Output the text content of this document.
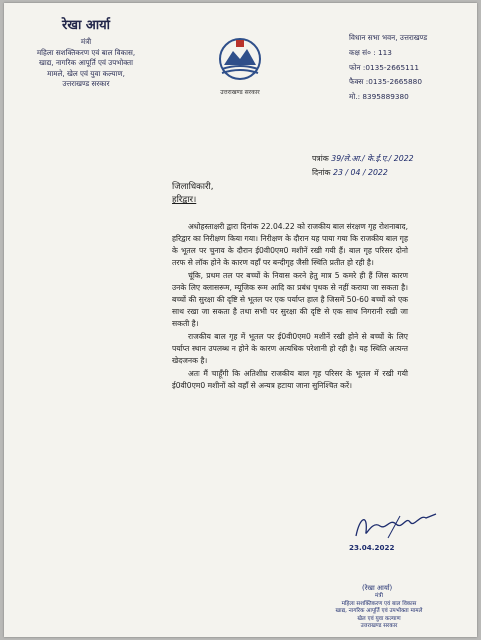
रेखा आर्या
मंत्री
महिला सशक्तिकरण एवं बाल विकास,
खाद्य, नागरिक आपूर्ति एवं उपभोक्ता
मामले, खेल एवं युवा कल्याण,
उत्तराखण्ड सरकार
उत्तराखण्ड सरकार
विधान सभा भवन, उत्तराखण्ड
कक्ष सं० : 113
फोन :0135-2665111
फैक्स :0135-2665880
मो.: 8395889380
पत्रांक 39/ले.आ./ के.ई.ए./ 2022
दिनांक 23 / 04 / 2022
जिलाधिकारी,
हरिद्वार।

अधोहस्ताक्षरी द्वारा दिनांक 22.04.22 को राजकीय बाल संरक्षण गृह रोशनाबाद, हरिद्वार का निरीक्षण किया गया। निरीक्षण के दौरान यह पाया गया कि राजकीय बाल गृह के भूतल पर चुनाव के दौरान ई0वी0एम0 मशीनें रखी गयी हैं। बाल गृह परिसर दोनो तरफ से लॉक होने के कारण वहाँ पर बन्दीगृह जैसी स्थिति प्रतीत हो रही है।

चूंकि, प्रथम तल पर बच्चों के निवास करने हेतु मात्र 5 कमरे ही हैं जिस कारण उनके लिए क्लासरूम, म्यूजिक रूम आदि का प्रबंध पृथक से नहीं कराया जा सकता है। बच्चों की सुरक्षा की दृष्टि से भूतल पर एक पर्याप्त हाल है जिसमें 50-60 बच्चों को एक साथ रखा जा सकता है तथा सभी पर सुरक्षा की दृष्टि से एक साथ निगरानी रखी जा सकती है।

राजकीय बाल गृह में भूतल पर ई0वी0एम0 मशीनें रखी होने से बच्चों के लिए पर्याप्त स्थान उपलब्ध न होने के कारण अत्यधिक परेशानी हो रही है। यह स्थिति अत्यन्त खेदजनक है।

अतः मैं चाहूँगी कि अतिशीघ्र राजकीय बाल गृह परिसर के भूतल में रखी गयी ई0वी0एम0 मशीनों को वहाँ से अन्यत्र हटाया जाना सुनिश्चित करें।

23.04.2022
(रेखा आर्या)
मंत्री
महिला सशक्तिकरण एवं बाल विकास
खाद्य, नागरिक आपूर्ति एवं उपभोक्ता मामले
खेल एवं युवा कल्याण
उत्तराखण्ड सरकार
